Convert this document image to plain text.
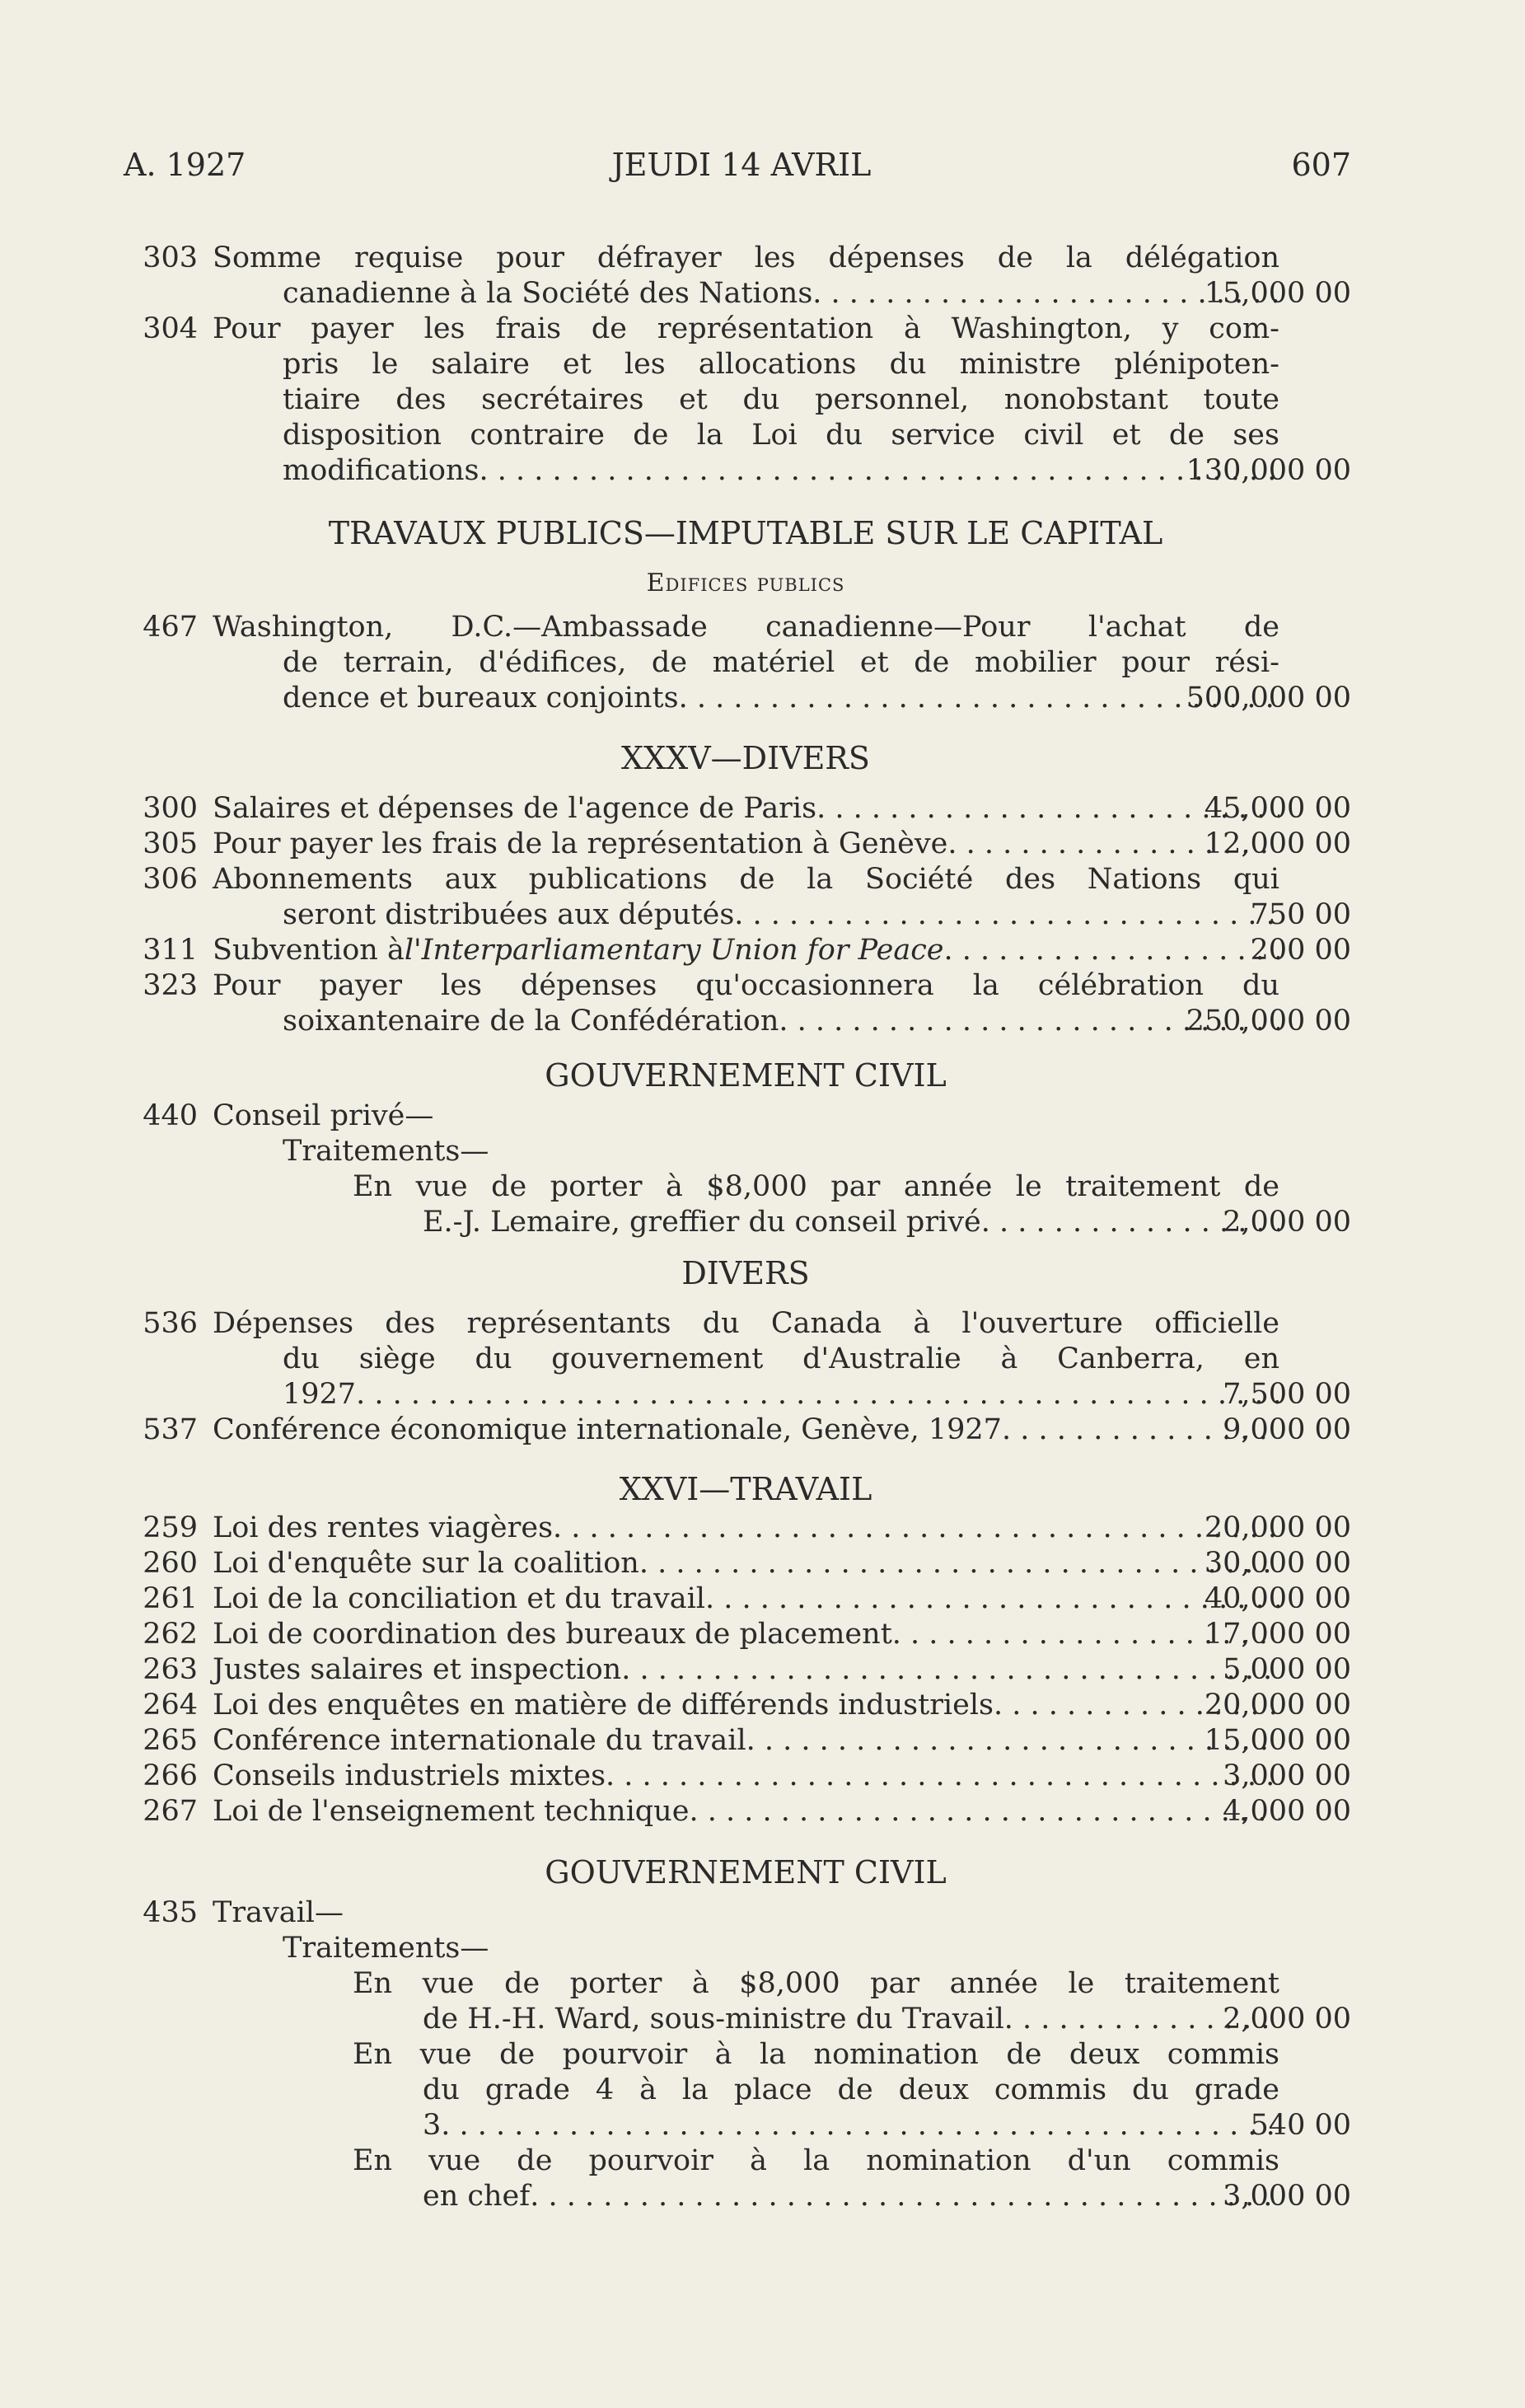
A. 1927	JEUDI 14 AVRIL	607
303 Somme requise pour défrayer les dépenses de la délégation
canadienne à la Société des Nations . . .	15,000 00
304 Pour payer les frais de représentation à Washington, y com-
pris le salaire et les allocations du ministre plénipoten-
tiaire des secrétaires et du personnel, nonobstant toute
disposition contraire de la Loi du service civil et de ses
modifications . . .	130,000 00
TRAVAUX PUBLICS—IMPUTABLE SUR LE CAPITAL
Edifices publics
467 Washington, D.C.—Ambassade canadienne—Pour l'achat de
de terrain, d'édifices, de matériel et de mobilier pour rési-
dence et bureaux conjoints . . .	500,000 00
XXXV—DIVERS
300 Salaires et dépenses de l'agence de Paris . . .	45,000 00
305 Pour payer les frais de la représentation à Genève . . .	12,000 00
306 Abonnements aux publications de la Société des Nations qui
seront distribuées aux députés . . .	750 00
311 Subvention à l'Interparliamentary Union for Peace . . .	200 00
323 Pour payer les dépenses qu'occasionnera la célébration du
soixantenaire de la Confédération . . .	250,000 00
GOUVERNEMENT CIVIL
440 Conseil privé—
Traitements—
En vue de porter à $8,000 par année le traitement de
E.-J. Lemaire, greffier du conseil privé . . .	2,000 00
DIVERS
536 Dépenses des représentants du Canada à l'ouverture officielle
du siège du gouvernement d'Australie à Canberra, en
1927 . . .	7,500 00
537 Conférence économique internationale, Genève, 1927 . . .	9,000 00
XXVI—TRAVAIL
259 Loi des rentes viagères . . .	20,000 00
260 Loi d'enquête sur la coalition . . .	30,000 00
261 Loi de la conciliation et du travail . . .	40,000 00
262 Loi de coordination des bureaux de placement . . .	17,000 00
263 Justes salaires et inspection . . .	5,000 00
264 Loi des enquêtes en matière de différends industriels . . .	20,000 00
265 Conférence internationale du travail . . .	15,000 00
266 Conseils industriels mixtes . . .	3,000 00
267 Loi de l'enseignement technique . . .	4,000 00
GOUVERNEMENT CIVIL
435 Travail—
Traitements—
En vue de porter à $8,000 par année le traitement
de H.-H. Ward, sous-ministre du Travail . . .	2,000 00
En vue de pourvoir à la nomination de deux commis
du grade 4 à la place de deux commis du grade
3 . . .	540 00
En vue de pourvoir à la nomination d'un commis
en chef . . .	3,000 00
